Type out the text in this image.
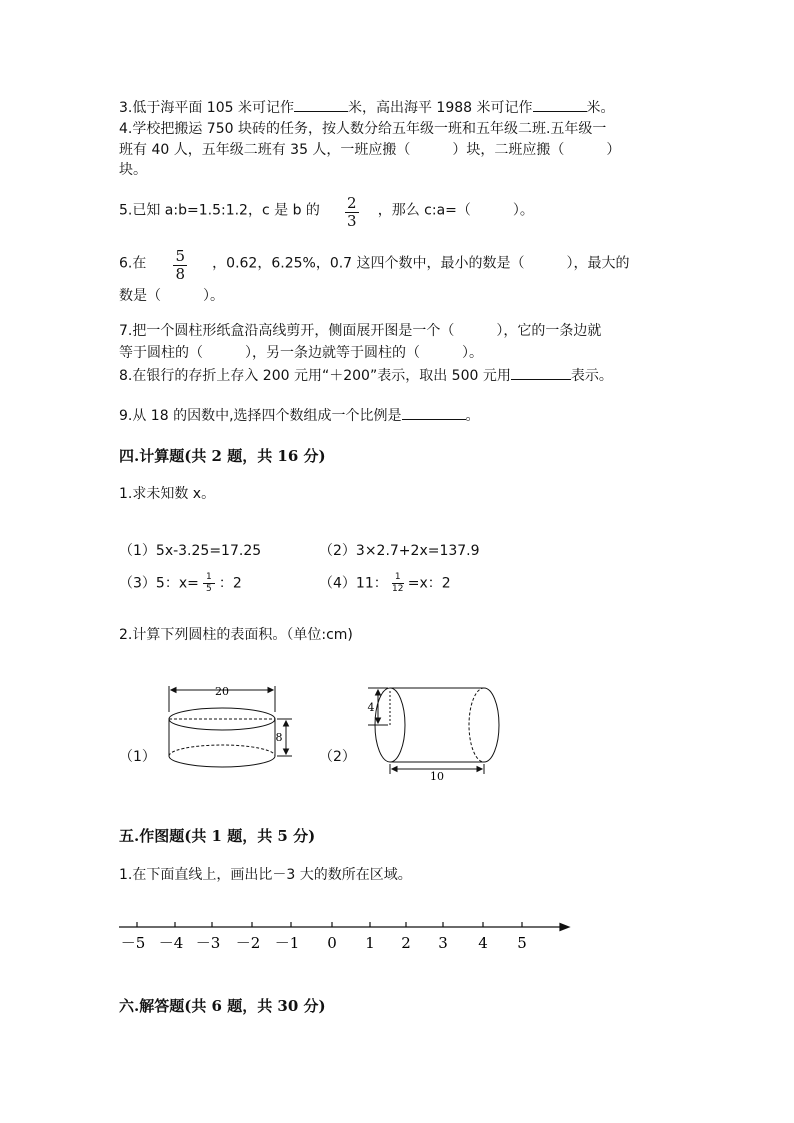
3.低于海平面 105 米可记作	米，高出海平 1988 米可记作	米。
4.学校把搬运 750 块砖的任务，按人数分给五年级一班和五年级二班.五年级一
班有 40 人，五年级二班有 35 人，一班应搬（　　　）块，二班应搬（　　　）
块。
5.已知 a:b=1.5:1.2，c 是 b 的 $\frac{2}{3}$ ，那么 c:a=（　　　）。
6.在 $\frac{5}{8}$ ，0.62，6.25%，0.7 这四个数中，最小的数是（　　　），最大的
数是（　　　）。
7.把一个圆柱形纸盒沿高线剪开，侧面展开图是一个（　　　），它的一条边就
等于圆柱的（　　　），另一条边就等于圆柱的（　　　）。
8.在银行的存折上存入 200 元用“＋200”表示，取出 500 元用	表示。
9.从 18 的因数中,选择四个数组成一个比例是	。
四.计算题(共 2 题，共 16 分)
1.求未知数 x。
（1）5x-3.25=17.25	（2）3×2.7+2x=137.9
（3）5：$x= \frac{1}{5}$ ：2	（4）11： $\frac{1}{12} =x$：2
2.计算下列圆柱的表面积。（单位:cm)
（1）	（2）
20
8
4
10
－5 －4 －3 －2 －1 0 1 2 3 4 5
五.作图题(共 1 题，共 5 分)
1.在下面直线上，画出比－3 大的数所在区域。
六.解答题(共 6 题，共 30 分)
